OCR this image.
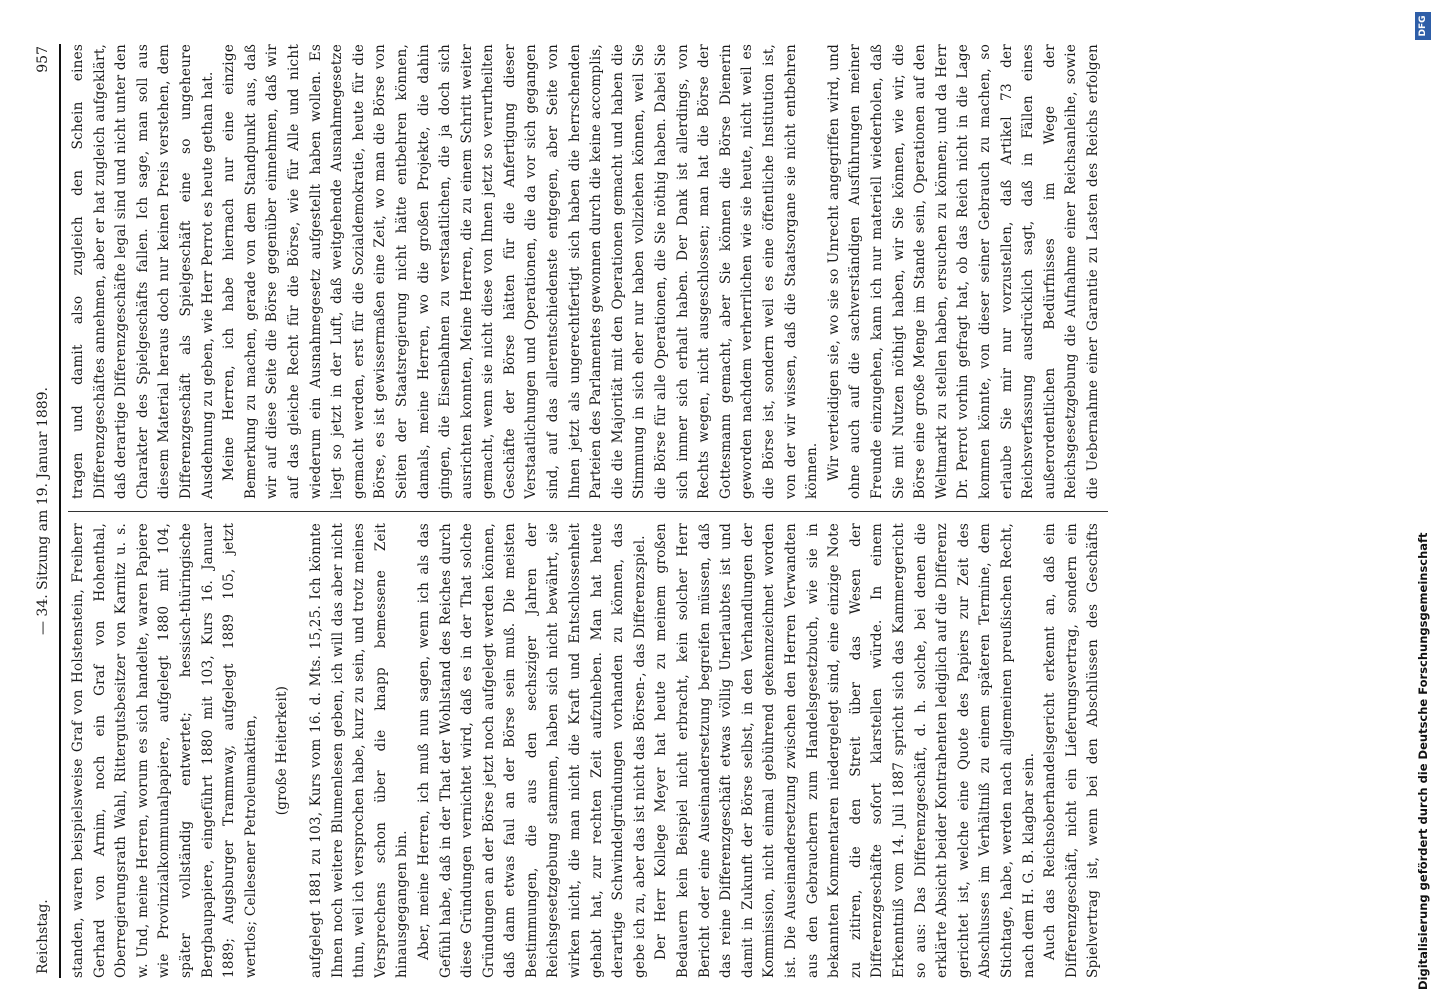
Reichstag.
— 34. Sitzung am 19. Januar 1889.
957

standen, waren beispielsweise Graf von Holstenstein, Freiherr Gerhard von Arnim, noch ein Graf von Hohenthal, Oberregierungsrath Wahl, Rittergutsbesitzer von Karnitz u. s. w. Und, meine Herren, worum es sich handelte, waren Papiere wie Provinzialkommunalpapiere, aufgelegt 1880 mit 104, später vollständig entwertet; hessisch-thüringische Bergbaupapiere, eingeführt 1880 mit 103, Kurs 16. Januar 1889; Augsburger Trammway, aufgelegt 1889 105, jetzt wertlos; Cellesener Petroleumaktien, (große Heiterkeit) aufgelegt 1881 zu 103, Kurs vom 16. d. Mts. 15,25. Ich könnte Ihnen noch weitere Blumenlesen geben, ich will das aber nicht thun, weil ich versprochen habe, kurz zu sein, und trotz meines Versprechens schon über die knapp bemessene Zeit hinausgegangen bin. Aber, meine Herren, ich muß nun sagen, wenn ich als das Gefühl habe, daß in der That der Wohlstand des Reiches durch diese Gründungen vernichtet wird, daß es in der That solche Gründungen an der Börse jetzt noch aufgelegt werden können, daß dann etwas faul an der Börse sein muß. Die meisten Bestimmungen, die aus den sechsziger Jahren der Reichsgesetzgebung stammen, haben sich nicht bewährt, sie wirken nicht, die man nicht die Kraft und Entschlossenheit gehabt hat, zur rechten Zeit aufzuheben. Man hat heute derartige Schwindelgründungen vorhanden zu können, das gebe ich zu, aber das ist nicht das Börsen-, das Differenzspiel. Der Herr Kollege Meyer hat heute zu meinem großen Bedauern kein Beispiel nicht erbracht, kein solcher Herr Bericht oder eine Auseinandersetzung begreifen müssen, daß das reine Differenzgeschäft etwas völlig Unerlaubtes ist und damit in Zukunft der Börse selbst, in den Verhandlungen der Kommission, nicht einmal gebührend gekennzeichnet worden ist. Die Auseinandersetzung zwischen den Herren Verwandten aus den Gebrauchern zum Handelsgesetzbuch, wie sie in bekannten Kommentaren niedergelegt sind, eine einzige Note zu zitiren, die den Streit über das Wesen der Differenzgeschäfte sofort klarstellen würde. In einem Erkenntniß vom 14. Juli 1887 spricht sich das Kammergericht so aus: Das Differenzgeschäft, d. h. solche, bei denen die erklärte Absicht beider Kontrahenten lediglich auf die Differenz gerichtet ist, welche eine Quote des Papiers zur Zeit des Abschlusses im Verhältniß zu einem späteren Termine, dem Stichtage, habe, werden nach allgemeinen preußischen Recht, nach dem H. G. B. klagbar sein. Auch das Reichsoberhandelsgericht erkennt an, daß ein Differenzgeschäft, nicht ein Lieferungsvertrag, sondern ein Spielvertrag ist, wenn bei den Abschlüssen des Geschäfts

tragen und damit also zugleich den Schein eines Differenzgeschäftes annehmen, aber er hat zugleich aufgeklärt, daß derartige Differenzgeschäfte legal sind und nicht unter den Charakter des Spielgeschäfts fallen. Ich sage, man soll aus diesem Material heraus doch nur keinen Preis verstehen, dem Differenzgeschäft als Spielgeschäft eine so ungeheure Ausdehnung zu geben, wie Herr Perrot es heute gethan hat. Meine Herren, ich habe hiernach nur eine einzige Bemerkung zu machen, gerade von dem Standpunkt aus, daß wir auf diese Seite die Börse gegenüber einnehmen, daß wir auf das gleiche Recht für die Börse, wie für Alle und nicht wiederum ein Ausnahmegesetz aufgestellt haben wollen. Es liegt so jetzt in der Luft, daß weitgehende Ausnahmegesetze gemacht werden, erst für die Sozialdemokratie, heute für die Börse, es ist gewissermaßen eine Zeit, wo man die Börse von Seiten der Staatsregierung nicht hätte entbehren können, damals, meine Herren, wo die großen Projekte, die dahin gingen, die Eisenbahnen zu verstaatlichen, die ja doch sich ausrichten konnten, Meine Herren, die zu einem Schritt weiter gemacht, wenn sie nicht diese von Ihnen jetzt so verurtheilten Geschäfte der Börse hätten für die Anfertigung dieser Verstaatlichungen und Operationen, die da vor sich gegangen sind, auf das allerentschiedenste entgegen, aber Seite von Ihnen jetzt als ungerechtfertigt sich haben die herrschenden Parteien des Parlamentes gewonnen durch die keine accomplis, die die Majorität mit den Operationen gemacht und haben die Stimmung in sich eher nur haben vollziehen können, weil Sie die Börse für alle Operationen, die Sie nöthig haben. Dabei Sie sich immer sich erhalt haben. Der Dank ist allerdings, von Rechts wegen, nicht ausgeschlossen; man hat die Börse der Gottesmann gemacht, aber Sie können die Börse Dienerin geworden nachdem verherrlichen wie sie heute, nicht weil es die Börse ist, sondern weil es eine öffentliche Institution ist, von der wir wissen, daß die Staatsorgane sie nicht entbehren können. Wir verteidigen sie, wo sie so Unrecht angegriffen wird, und ohne auch auf die sachverständigen Ausführungen meiner Freunde einzugehen, kann ich nur materiell wiederholen, daß Sie mit Nutzen nöthigt haben, wir Sie können, wie wir, die Börse eine große Menge im Stande sein, Operationen auf den Weltmarkt zu stellen haben, ersuchen zu können; und da Herr Dr. Perrot vorhin gefragt hat, ob das Reich nicht in die Lage kommen könnte, von dieser seiner Gebrauch zu machen, so erlaube Sie mir nur vorzustellen, daß Artikel 73 der Reichsverfassung ausdrücklich sagt, daß in Fällen eines außerordentlichen Bedürfnisses im Wege der Reichsgesetzgebung die Aufnahme einer Reichsanleihe, sowie die Uebernahme einer Garantie zu Lasten des Reichs erfolgen

Digitalisierung gefördert durch die Deutsche Forschungsgemeinschaft
DFG
